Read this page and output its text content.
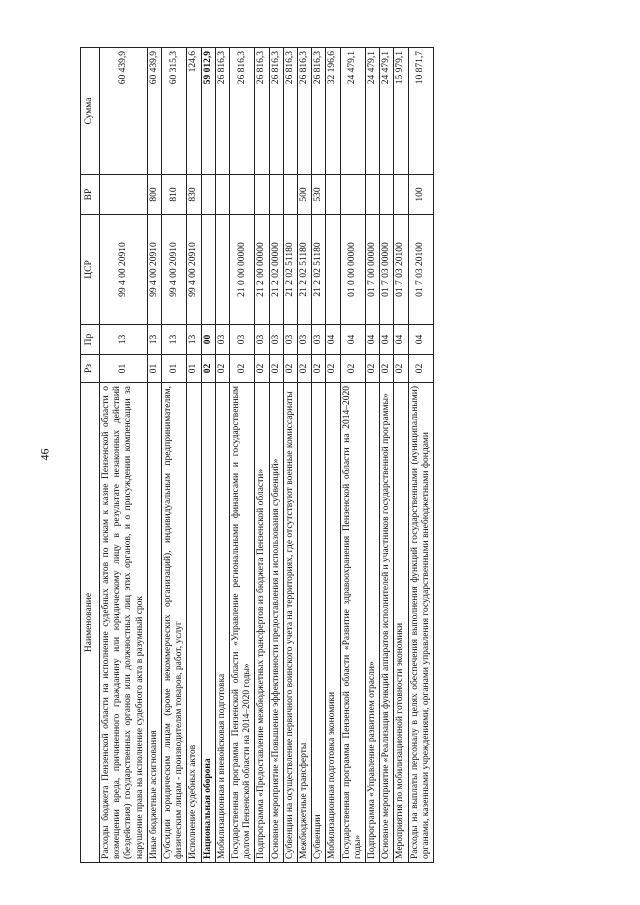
46
Наименование	Рз	Пр	ЦСР	ВР	Сумма
Расходы бюджета Пензенской области на исполнение судебных актов по искам к казне Пензенской области о возмещении вреда, причиненного гражданину или юридическому лицу в результате незаконных действий (бездействия) государственных органов или должностных лиц этих органов, и о присуждении компенсации за нарушение права на исполнение судебного акта в разумный срок	01	13	99 4 00 20910		60 439,9
Иные бюджетные ассигнования	01	13	99 4 00 20910	800	60 439,9
Субсидии юридическим лицам (кроме некоммерческих организаций), индивидуальным предпринимателям, физическим лицам - производителям товаров, работ, услуг	01	13	99 4 00 20910	810	60 315,3
Исполнение судебных актов	01	13	99 4 00 20910	830	124,6
Национальная оборона	02	00			59 012,9
Мобилизационная и вневойсковая подготовка	02	03			26 816,3
Государственная программа Пензенской области «Управление региональными финансами и государственным долгом Пензенской области на 2014–2020 годы»	02	03	21 0 00 00000		26 816,3
Подпрограмма «Предоставление межбюджетных трансфертов из бюджета Пензенской области»	02	03	21 2 00 00000		26 816,3
Основное мероприятие «Повышение эффективности предоставления и использования субвенций»	02	03	21 2 02 00000		26 816,3
Субвенции на осуществление первичного воинского учета на территориях, где отсутствуют военные комиссариаты	02	03	21 2 02 51180		26 816,3
Межбюджетные трансферты	02	03	21 2 02 51180	500	26 816,3
Субвенции	02	03	21 2 02 51180	530	26 816,3
Мобилизационная подготовка экономики	02	04			32 196,6
Государственная программа Пензенской области «Развитие здравоохранения Пензенской области на 2014–2020 годы»	02	04	01 0 00 00000		24 479,1
Подпрограмма «Управление развитием отрасли»	02	04	01 7 00 00000		24 479,1
Основное мероприятие «Реализация функций аппаратов исполнителей и участников государственной программы»	02	04	01 7 03 00000		24 479,1
Мероприятия по мобилизационной готовности экономики	02	04	01 7 03 20100		15 979,1
Расходы на выплаты персоналу в целях обеспечения выполнения функций государственными (муниципальными) органами, казенными учреждениями, органами управления государственными внебюджетными фондами	02	04	01 7 03 20100	100	10 871,7
